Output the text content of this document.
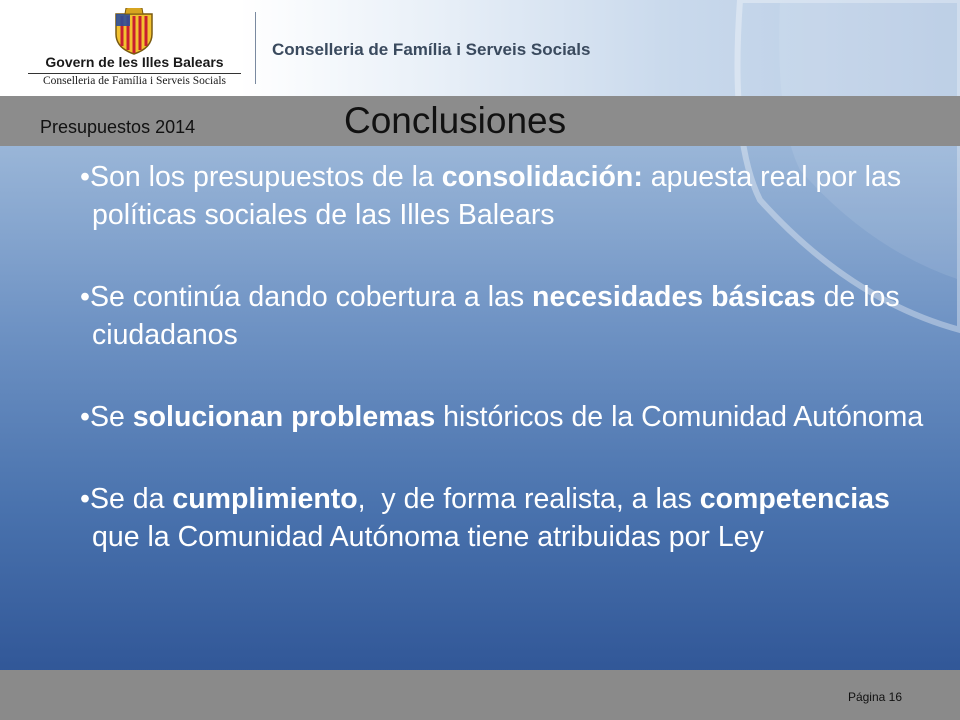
Govern de les Illes Balears
Conselleria de Família i Serveis Socials
Conselleria de Família i Serveis Socials
Presupuestos 2014	Conclusiones

•Son los presupuestos de la consolidación: apuesta real por las políticas sociales de las Illes Balears

•Se continúa dando cobertura a las necesidades básicas de los ciudadanos

•Se solucionan problemas históricos de la Comunidad Autónoma

•Se da cumplimiento,  y de forma realista, a las competencias que la Comunidad Autónoma tiene atribuidas por Ley

Página 16
